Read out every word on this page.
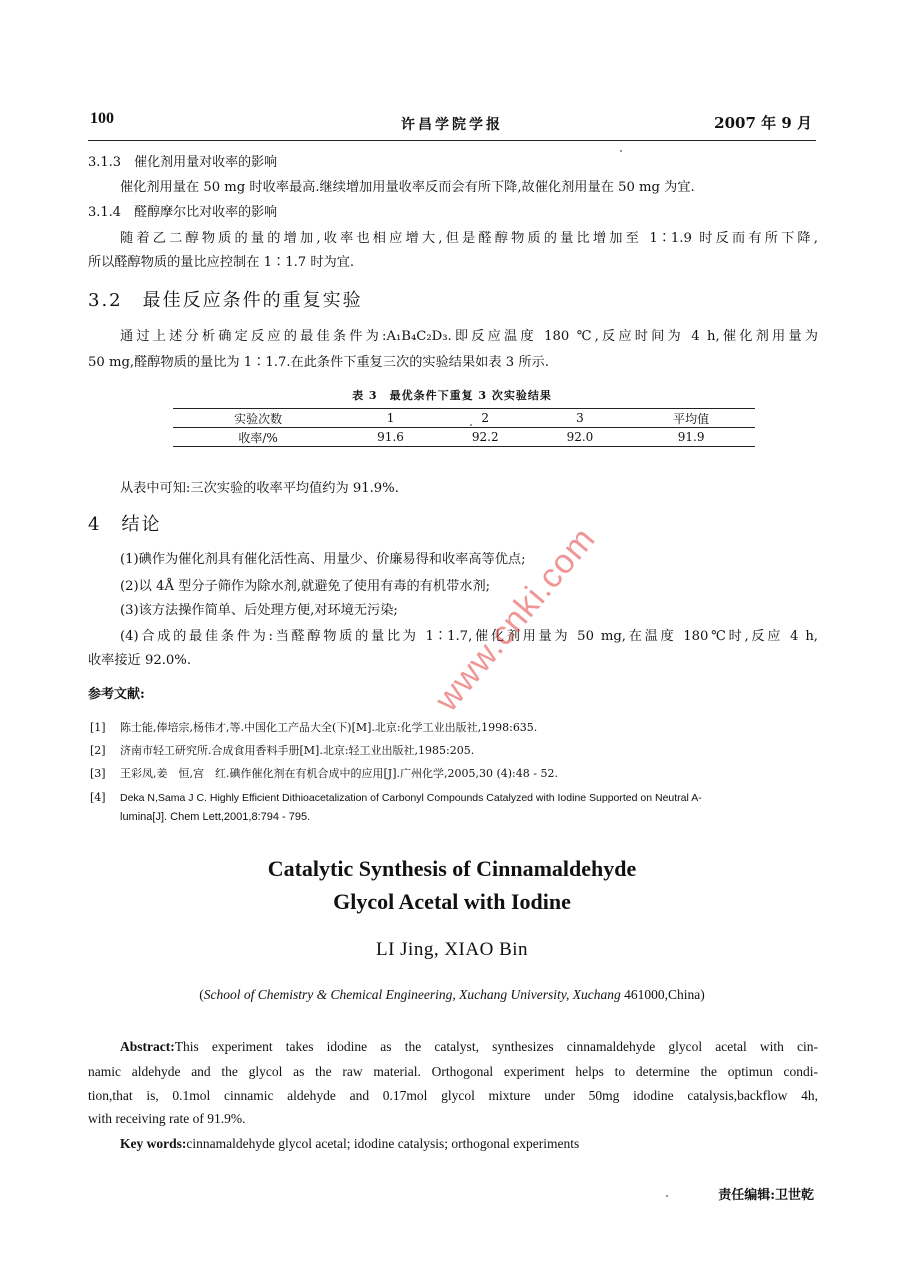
100	许昌学院学报	2007 年 9 月
3.1.3　催化剂用量对收率的影响
催化剂用量在 50 mg 时收率最高.继续增加用量收率反而会有所下降,故催化剂用量在 50 mg 为宜.
3.1.4　醛醇摩尔比对收率的影响
随着乙二醇物质的量的增加,收率也相应增大,但是醛醇物质的量比增加至 1∶1.9 时反而有所下降,
所以醛醇物质的量比应控制在 1∶1.7 时为宜.
3.2　最佳反应条件的重复实验
通过上述分析确定反应的最佳条件为:A₁B₄C₂D₃.即反应温度 180 ℃,反应时间为 4 h,催化剂用量为
50 mg,醛醇物质的量比为 1∶1.7.在此条件下重复三次的实验结果如表 3 所示.
表 3　最优条件下重复 3 次实验结果
实验次数	1	2	3	平均值
收率/%	91.6	92.2	92.0	91.9
从表中可知:三次实验的收率平均值约为 91.9%.
4　结论
(1)碘作为催化剂具有催化活性高、用量少、价廉易得和收率高等优点;
(2)以 4Å 型分子筛作为除水剂,就避免了使用有毒的有机带水剂;
(3)该方法操作简单、后处理方便,对环境无污染;
(4)合成的最佳条件为:当醛醇物质的量比为 1∶1.7,催化剂用量为 50 mg,在温度 180℃时,反应 4 h,
收率接近 92.0%.
参考文献:
[1] 陈士能,俸培宗,杨伟才,等.中国化工产品大全(下)[M].北京:化学工业出版社,1998:635.
[2] 济南市轻工研究所.合成食用香料手册[M].北京:轻工业出版社,1985:205.
[3] 王彩凤,姜　恒,宫　红.碘作催化剂在有机合成中的应用[J].广州化学,2005,30 (4):48 - 52.
[4] Deka N,Sama J C. Highly Efficient Dithioacetalization of Carbonyl Compounds Catalyzed with Iodine Supported on Neutral A-
lumina[J]. Chem Lett,2001,8:794 - 795.
Catalytic Synthesis of Cinnamaldehyde
Glycol Acetal with Iodine
LI Jing, XIAO Bin
(School of Chemistry & Chemical Engineering, Xuchang University, Xuchang 461000,China)
Abstract:This experiment takes idodine as the catalyst, synthesizes cinnamaldehyde glycol acetal with cin-
namic aldehyde and the glycol as the raw material. Orthogonal experiment helps to determine the optimun condi-
tion,that is, 0.1mol cinnamic aldehyde and 0.17mol glycol mixture under 50mg idodine catalysis,backflow 4h,
with receiving rate of 91.9%.
Key words:cinnamaldehyde glycol acetal; idodine catalysis; orthogonal experiments
责任编辑:卫世乾
www.cnki.com
